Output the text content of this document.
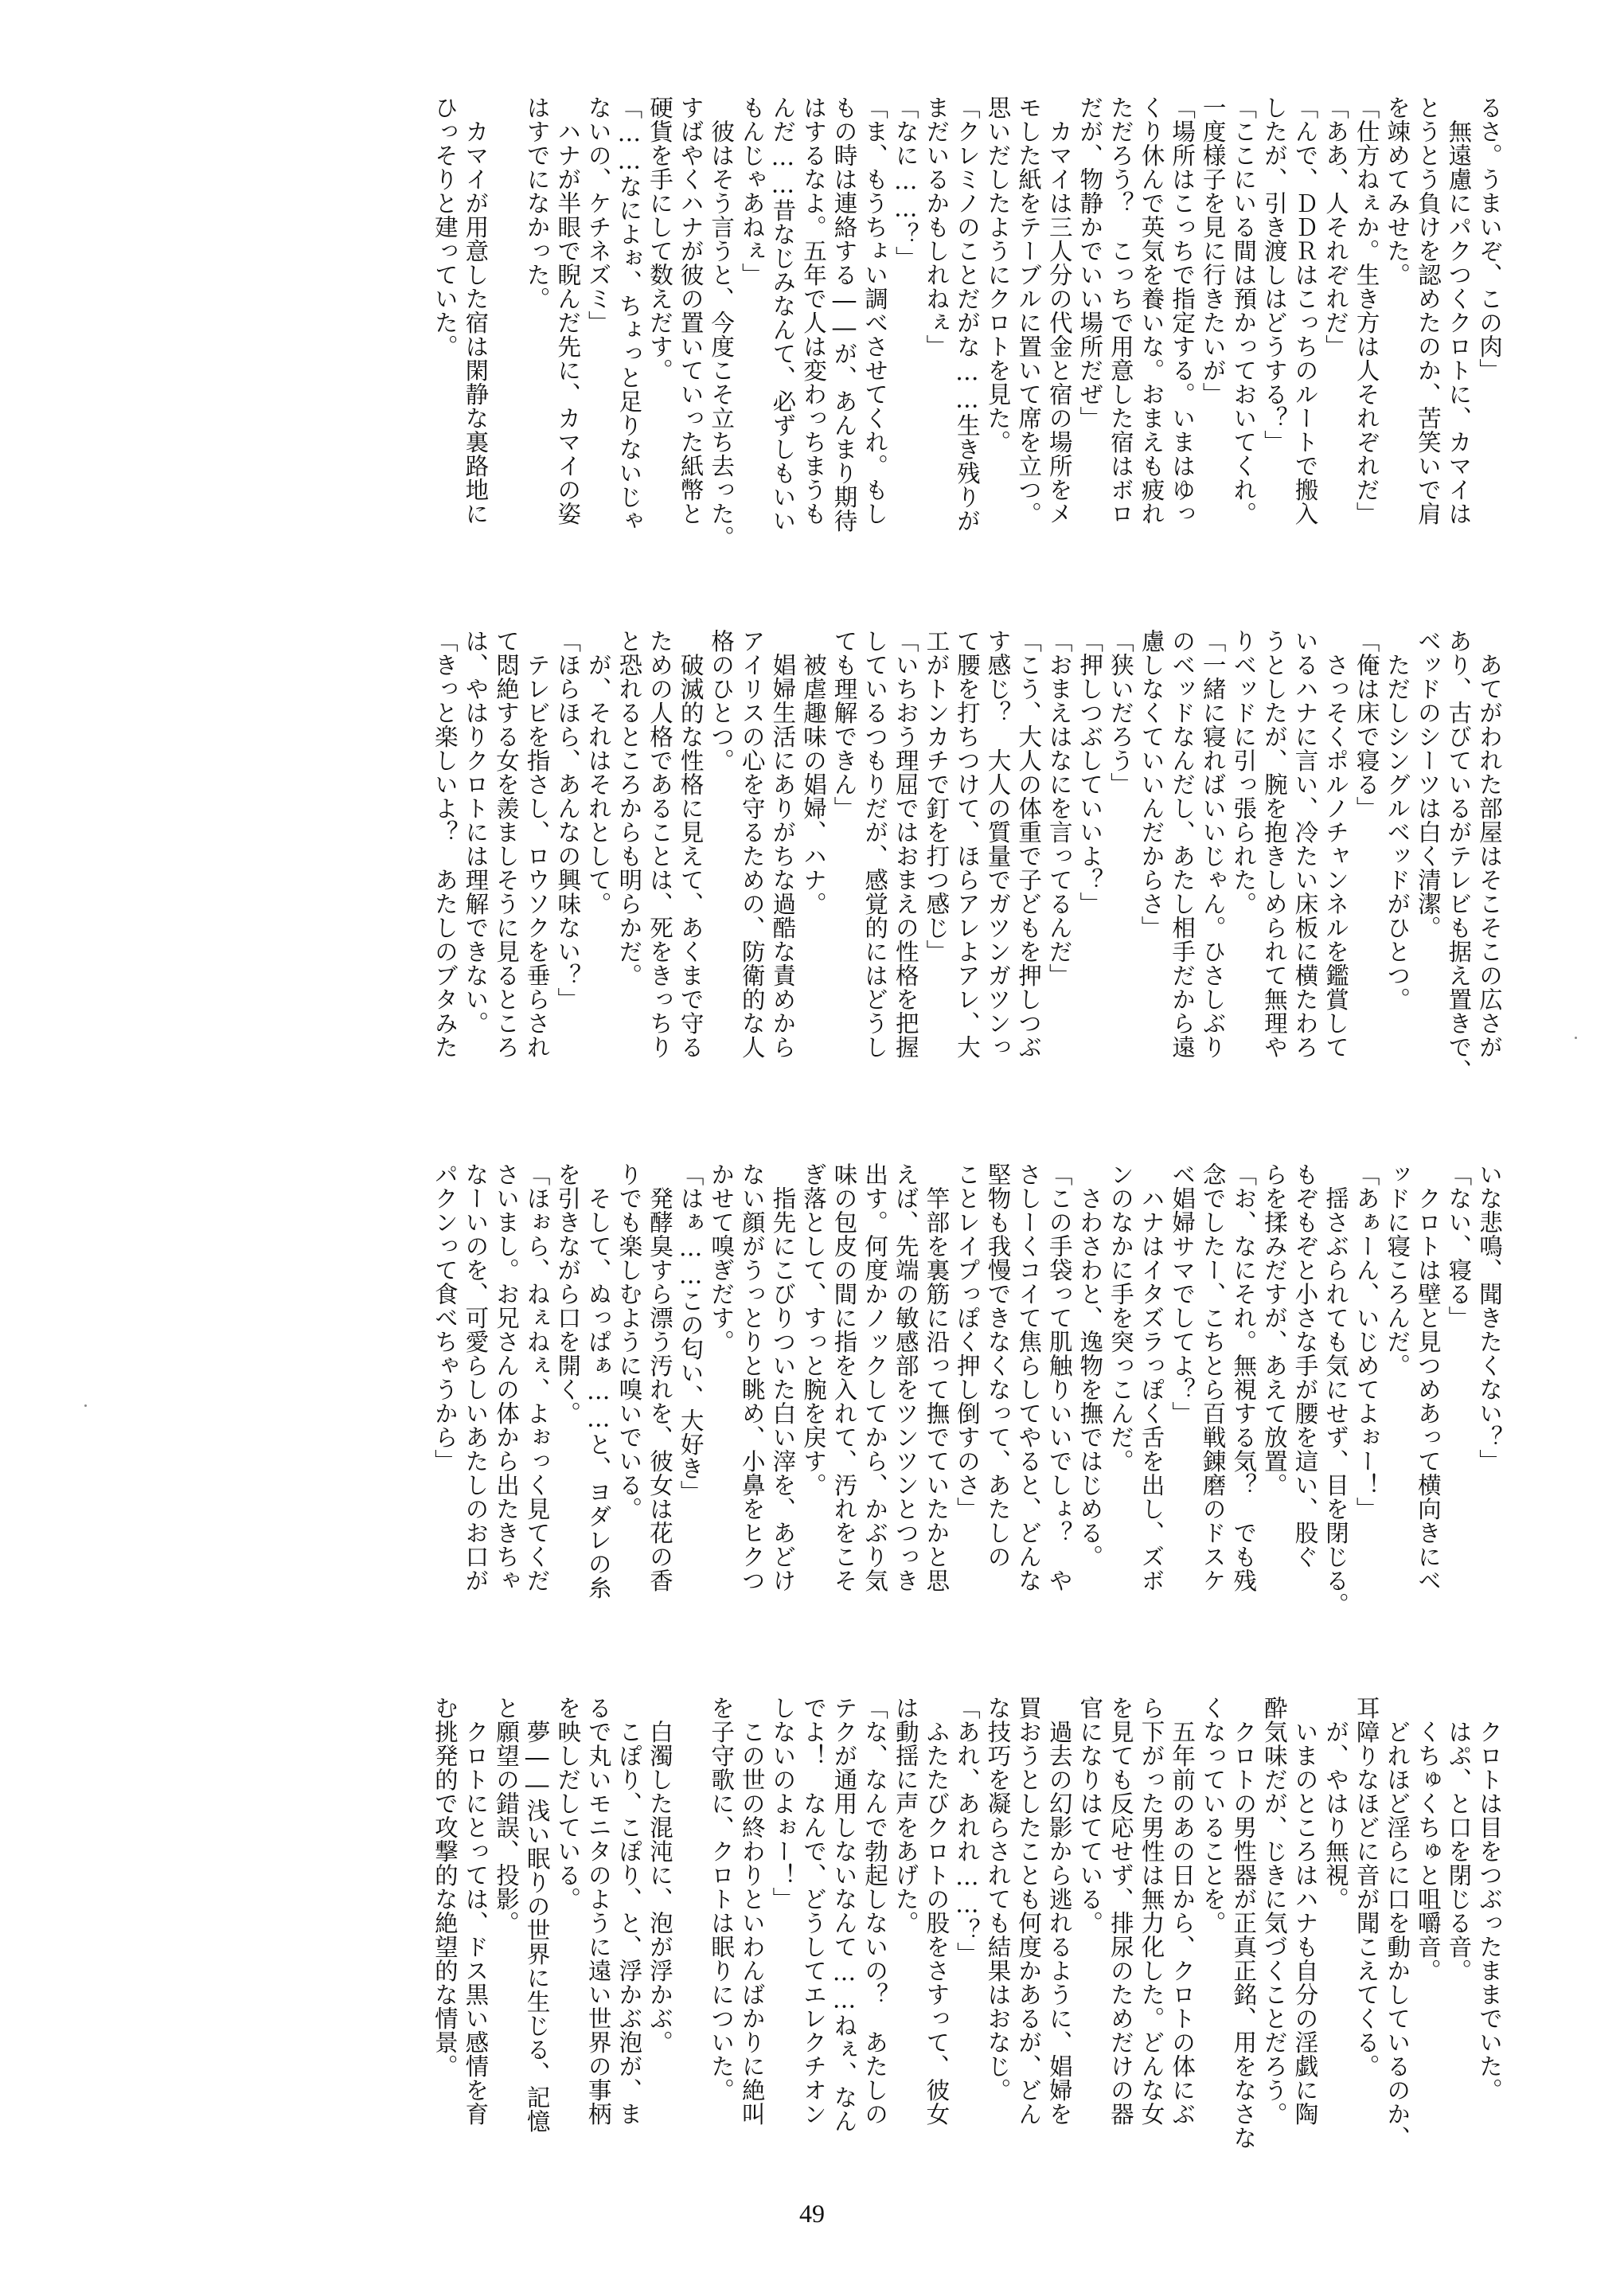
るさ。うまいぞ、この肉」
　無遠慮にパクつくクロトに、カマイは
とうとう負けを認めたのか、苦笑いで肩
を竦めてみせた。
「仕方ねぇか。生き方は人それぞれだ」
「ああ、人それぞれだ」
「んで、ＤＤＲはこっちのルートで搬入
したが、引き渡しはどうする？」
「ここにいる間は預かっておいてくれ。
一度様子を見に行きたいが」
「場所はこっちで指定する。いまはゆっ
くり休んで英気を養いな。おまえも疲れ
ただろう？　こっちで用意した宿はボロ
だが、物静かでいい場所だぜ」
　カマイは三人分の代金と宿の場所をメ
モした紙をテーブルに置いて席を立つ。
思いだしたようにクロトを見た。
「クレミノのことだがな……生き残りが
まだいるかもしれねぇ」
「なに……？」
「ま、もうちょい調べさせてくれ。もし
もの時は連絡する――が、あんまり期待
はするなよ。五年で人は変わっちまうも
んだ……昔なじみなんて、必ずしもいい
もんじゃあねぇ」
　彼はそう言うと、今度こそ立ち去った。
すばやくハナが彼の置いていった紙幣と
硬貨を手にして数えだす。
「……なによぉ、ちょっと足りないじゃ
ないの、ケチネズミ」
　ハナが半眼で睨んだ先に、カマイの姿
はすでになかった。
　カマイが用意した宿は閑静な裏路地に
ひっそりと建っていた。
　あてがわれた部屋はそこそこの広さが
あり、古びているがテレビも据え置きで、
ベッドのシーツは白く清潔。
　ただしシングルベッドがひとつ。
「俺は床で寝る」
　さっそくポルノチャンネルを鑑賞して
いるハナに言い、冷たい床板に横たわろ
うとしたが、腕を抱きしめられて無理や
りベッドに引っ張られた。
「一緒に寝ればいいじゃん。ひさしぶり
のベッドなんだし、あたし相手だから遠
慮しなくていいんだからさ」
「狭いだろう」
「押しつぶしていいよ？」
「おまえはなにを言ってるんだ」
「こう、大人の体重で子どもを押しつぶ
す感じ？　大人の質量でガツンガツンっ
て腰を打ちつけて、ほらアレよアレ、大
工がトンカチで釘を打つ感じ」
「いちおう理屈ではおまえの性格を把握
しているつもりだが、感覚的にはどうし
ても理解できん」
　被虐趣味の娼婦、ハナ。
　娼婦生活にありがちな過酷な責めから
アイリスの心を守るための、防衛的な人
格のひとつ。
　破滅的な性格に見えて、あくまで守る
ための人格であることは、死をきっちり
と恐れるところからも明らかだ。
　が、それはそれとして。
「ほらほら、あんなの興味ない？」
　テレビを指さし、ロウソクを垂らされ
て悶絶する女を羨ましそうに見るところ
は、やはりクロトには理解できない。
「きっと楽しいよ？　あたしのブタみた
いな悲鳴、聞きたくない？」
「ない、寝る」
　クロトは壁と見つめあって横向きにベ
ッドに寝ころんだ。
「あぁーん、いじめてよぉー！」
　揺さぶられても気にせず、目を閉じる。
もぞもぞと小さな手が腰を這い、股ぐ
らを揉みだすが、あえて放置。
「お、なにそれ。無視する気？　でも残
念でしたー、こちとら百戦錬磨のドスケ
ベ娼婦サマでしてよ？」
　ハナはイタズラっぽく舌を出し、ズボ
ンのなかに手を突っこんだ。
　さわさわと、逸物を撫ではじめる。
「この手袋って肌触りいいでしょ？　や
さしーくコイて焦らしてやると、どんな
堅物も我慢できなくなって、あたしの
ことレイプっぽく押し倒すのさ」
　竿部を裏筋に沿って撫でていたかと思
えば、先端の敏感部をツンツンとつっき
出す。何度かノックしてから、かぶり気
味の包皮の間に指を入れて、汚れをこそ
ぎ落として、すっと腕を戻す。
　指先にこびりついた白い滓を、あどけ
ない顔がうっとりと眺め、小鼻をヒクつ
かせて嗅ぎだす。
「はぁ……この匂い、大好き」
　発酵臭すら漂う汚れを、彼女は花の香
りでも楽しむように嗅いでいる。
　そして、ぬっぱぁ……と、ヨダレの糸
を引きながら口を開く。
「ほぉら、ねぇねぇ、よぉっく見てくだ
さいまし。お兄さんの体から出たきちゃ
なーいのを、可愛らしいあたしのお口が
パクンって食べちゃうから」
　クロトは目をつぶったままでいた。
　はぷ、と口を閉じる音。
　くちゅくちゅと咀嚼音。
　どれほど淫らに口を動かしているのか、
耳障りなほどに音が聞こえてくる。
　が、やはり無視。
　いまのところはハナも自分の淫戯に陶
酔気味だが、じきに気づくことだろう。
　クロトの男性器が正真正銘、用をなさな
くなっていることを。
　五年前のあの日から、クロトの体にぶ
ら下がった男性は無力化した。どんな女
を見ても反応せず、排尿のためだけの器
官になりはてている。
　過去の幻影から逃れるように、娼婦を
買おうとしたことも何度かあるが、どん
な技巧を凝らされても結果はおなじ。
「あれ、あれれ……？」
　ふたたびクロトの股をさすって、彼女
は動揺に声をあげた。
「な、なんで勃起しないの？　あたしの
テクが通用しないなんて……ねぇ、なん
でよ！　なんで、どうしてエレクチオン
しないのよぉー！」
　この世の終わりといわんばかりに絶叫
を子守歌に、クロトは眠りについた。
　白濁した混沌に、泡が浮かぶ。
　こぽり、こぽり、と、浮かぶ泡が、ま
るで丸いモニタのように遠い世界の事柄
を映しだしている。
　夢――浅い眠りの世界に生じる、記憶
と願望の錯誤、投影。
　クロトにとっては、ドス黒い感情を育
む挑発的で攻撃的な絶望的な情景。
49
